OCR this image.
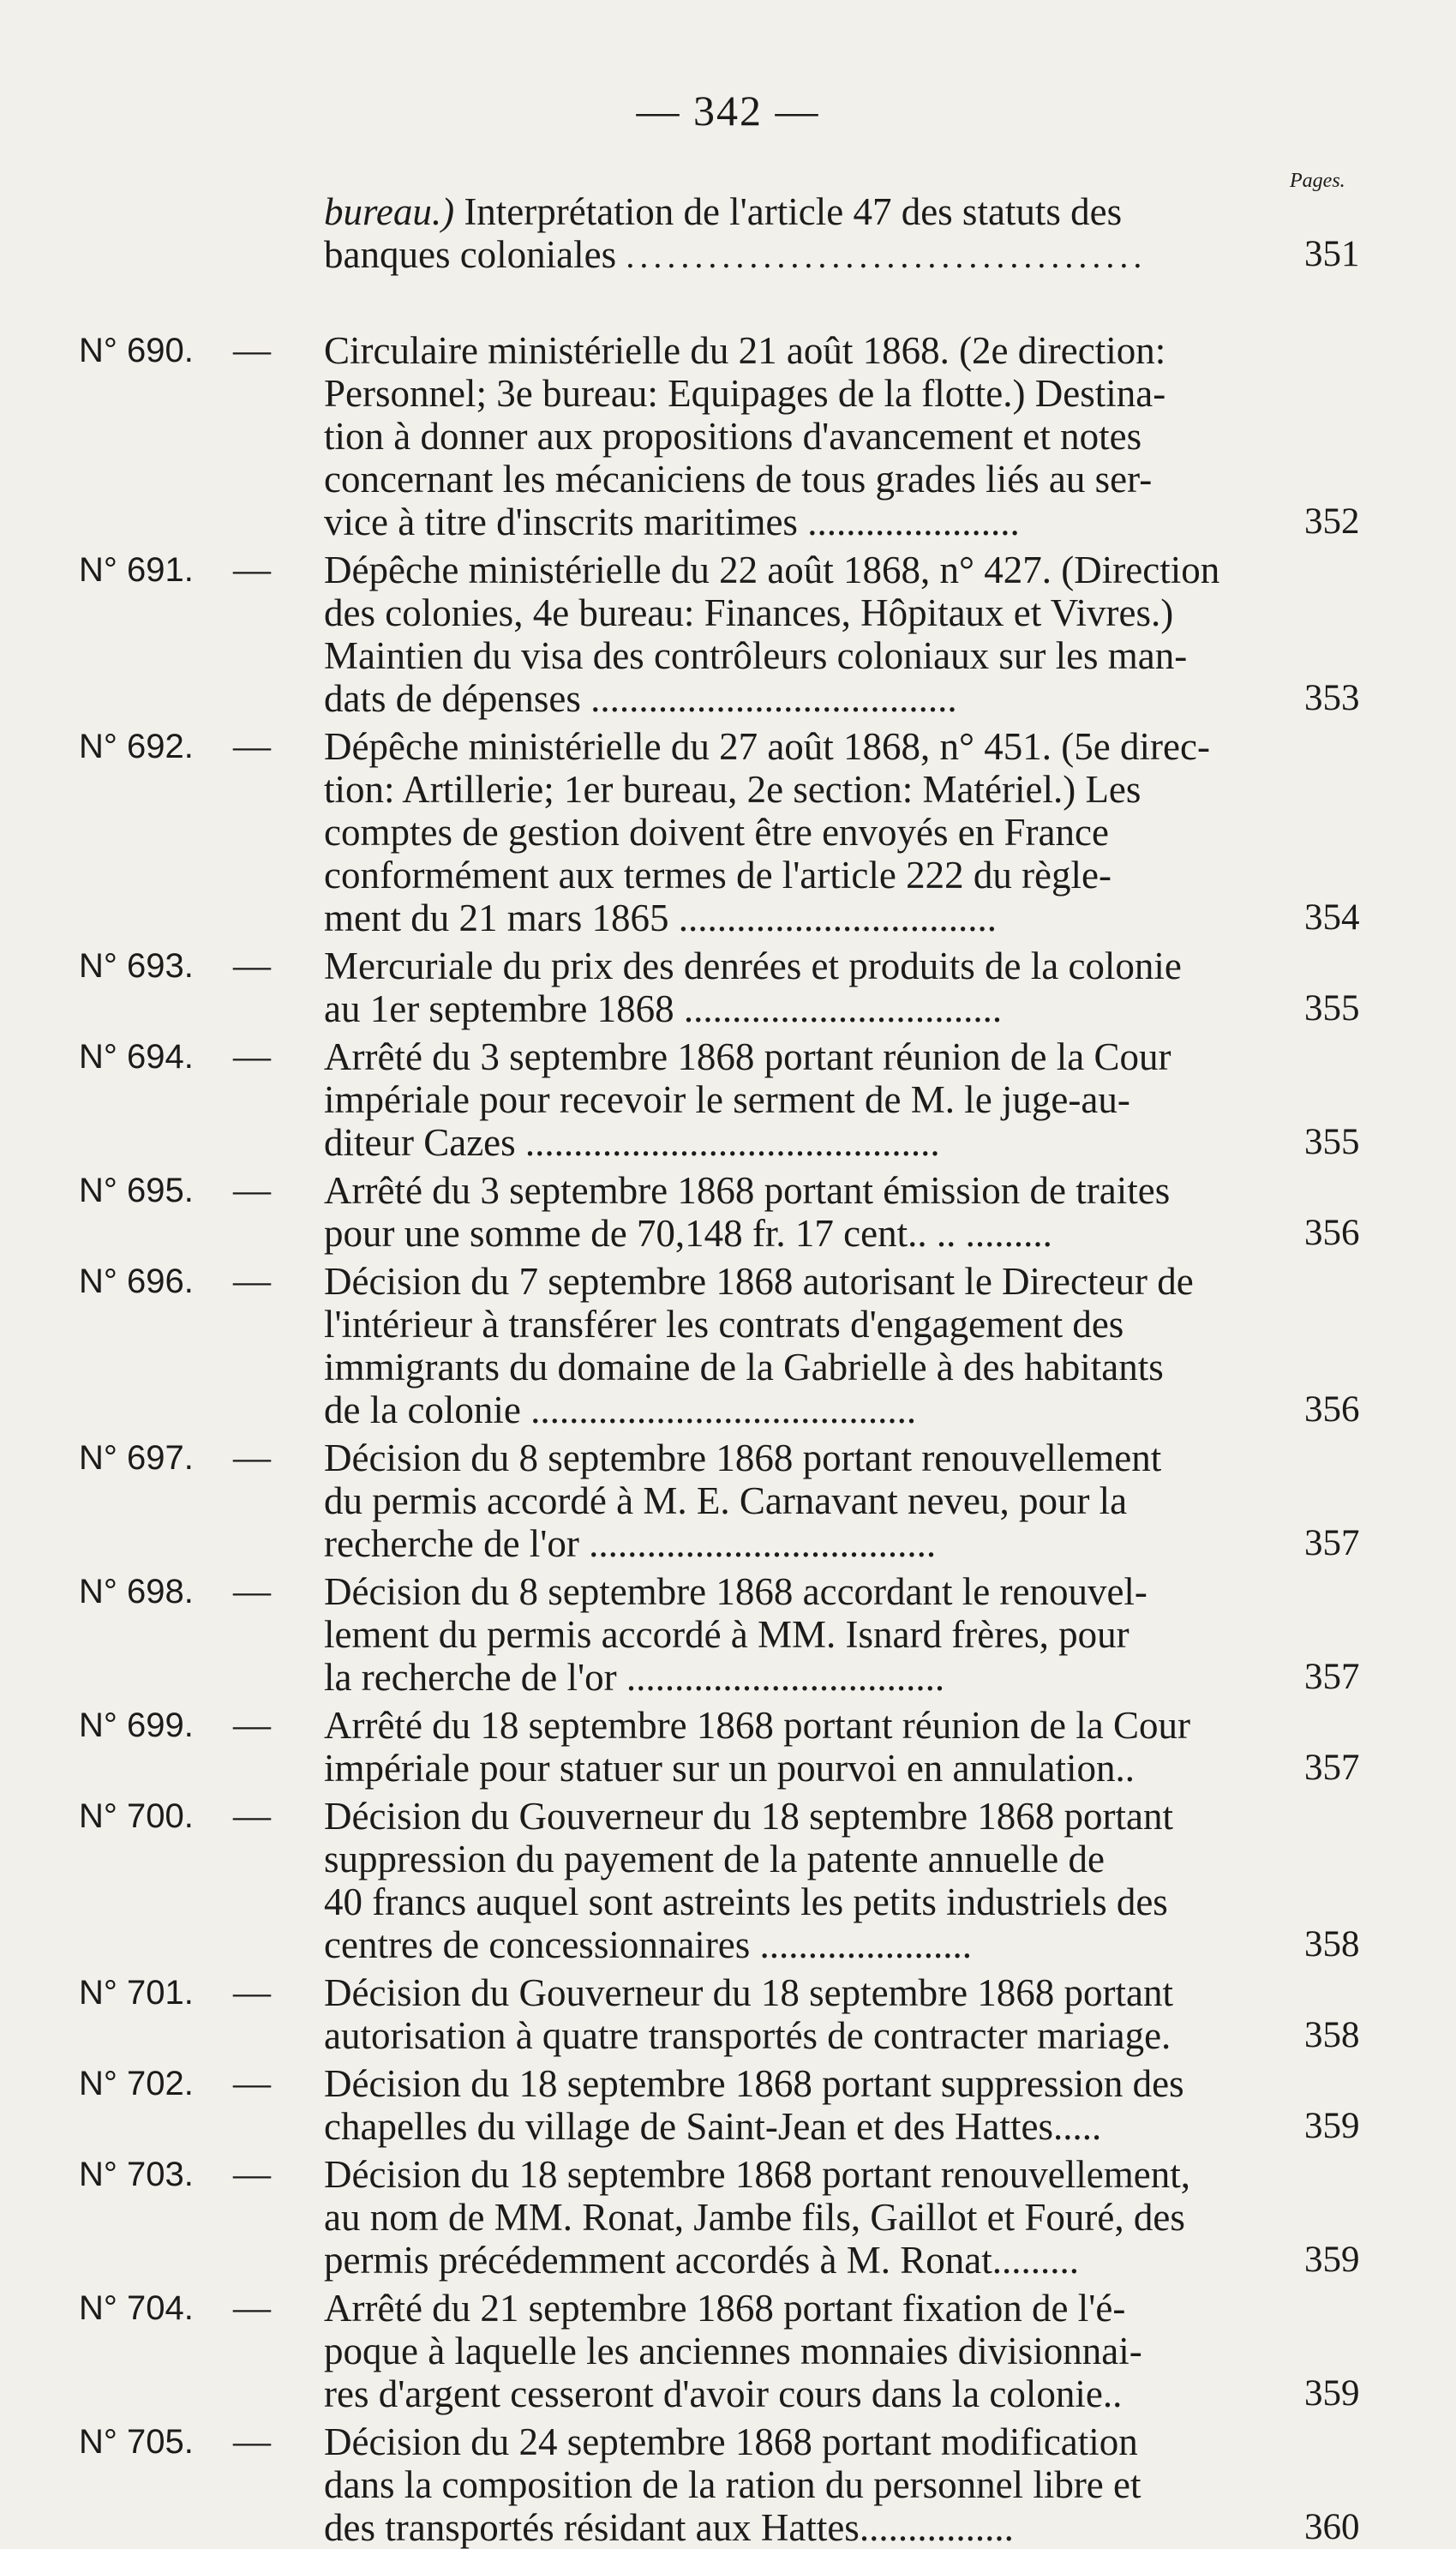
— 342 —
Pages.
bureau.) Interprétation de l'article 47 des statuts des
banques coloniales ......................................	351
N° 690. — Circulaire ministérielle du 21 août 1868. (2e direction:
Personnel; 3e bureau: Equipages de la flotte.) Destina-
tion à donner aux propositions d'avancement et notes
concernant les mécaniciens de tous grades liés au ser-
vice à titre d'inscrits maritimes ......................	352
N° 691. — Dépêche ministérielle du 22 août 1868, n° 427. (Direction
des colonies, 4e bureau: Finances, Hôpitaux et Vivres.)
Maintien du visa des contrôleurs coloniaux sur les man-
dats de dépenses ......................................	353
N° 692. — Dépêche ministérielle du 27 août 1868, n° 451. (5e direc-
tion: Artillerie; 1er bureau, 2e section: Matériel.) Les
comptes de gestion doivent être envoyés en France
conformément aux termes de l'article 222 du règle-
ment du 21 mars 1865 .................................	354
N° 693. — Mercuriale du prix des denrées et produits de la colonie
au 1er septembre 1868 .................................	355
N° 694. — Arrêté du 3 septembre 1868 portant réunion de la Cour
impériale pour recevoir le serment de M. le juge-au-
diteur Cazes ...........................................	355
N° 695. — Arrêté du 3 septembre 1868 portant émission de traites
pour une somme de 70,148 fr. 17 cent.. .. .........	356
N° 696. — Décision du 7 septembre 1868 autorisant le Directeur de
l'intérieur à transférer les contrats d'engagement des
immigrants du domaine de la Gabrielle à des habitants
de la colonie ........................................	356
N° 697. — Décision du 8 septembre 1868 portant renouvellement
du permis accordé à M. E. Carnavant neveu, pour la
recherche de l'or ....................................	357
N° 698. — Décision du 8 septembre 1868 accordant le renouvel-
lement du permis accordé à MM. Isnard frères, pour
la recherche de l'or .................................	357
N° 699. — Arrêté du 18 septembre 1868 portant réunion de la Cour
impériale pour statuer sur un pourvoi en annulation..	357
N° 700. — Décision du Gouverneur du 18 septembre 1868 portant
suppression du payement de la patente annuelle de
40 francs auquel sont astreints les petits industriels des
centres de concessionnaires ......................	358
N° 701. — Décision du Gouverneur du 18 septembre 1868 portant
autorisation à quatre transportés de contracter mariage.	358
N° 702. — Décision du 18 septembre 1868 portant suppression des
chapelles du village de Saint-Jean et des Hattes.....	359
N° 703. — Décision du 18 septembre 1868 portant renouvellement,
au nom de MM. Ronat, Jambe fils, Gaillot et Fouré, des
permis précédemment accordés à M. Ronat.........	359
N° 704. — Arrêté du 21 septembre 1868 portant fixation de l'é-
poque à laquelle les anciennes monnaies divisionnai-
res d'argent cesseront d'avoir cours dans la colonie..	359
N° 705. — Décision du 24 septembre 1868 portant modification
dans la composition de la ration du personnel libre et
des transportés résidant aux Hattes................	360
